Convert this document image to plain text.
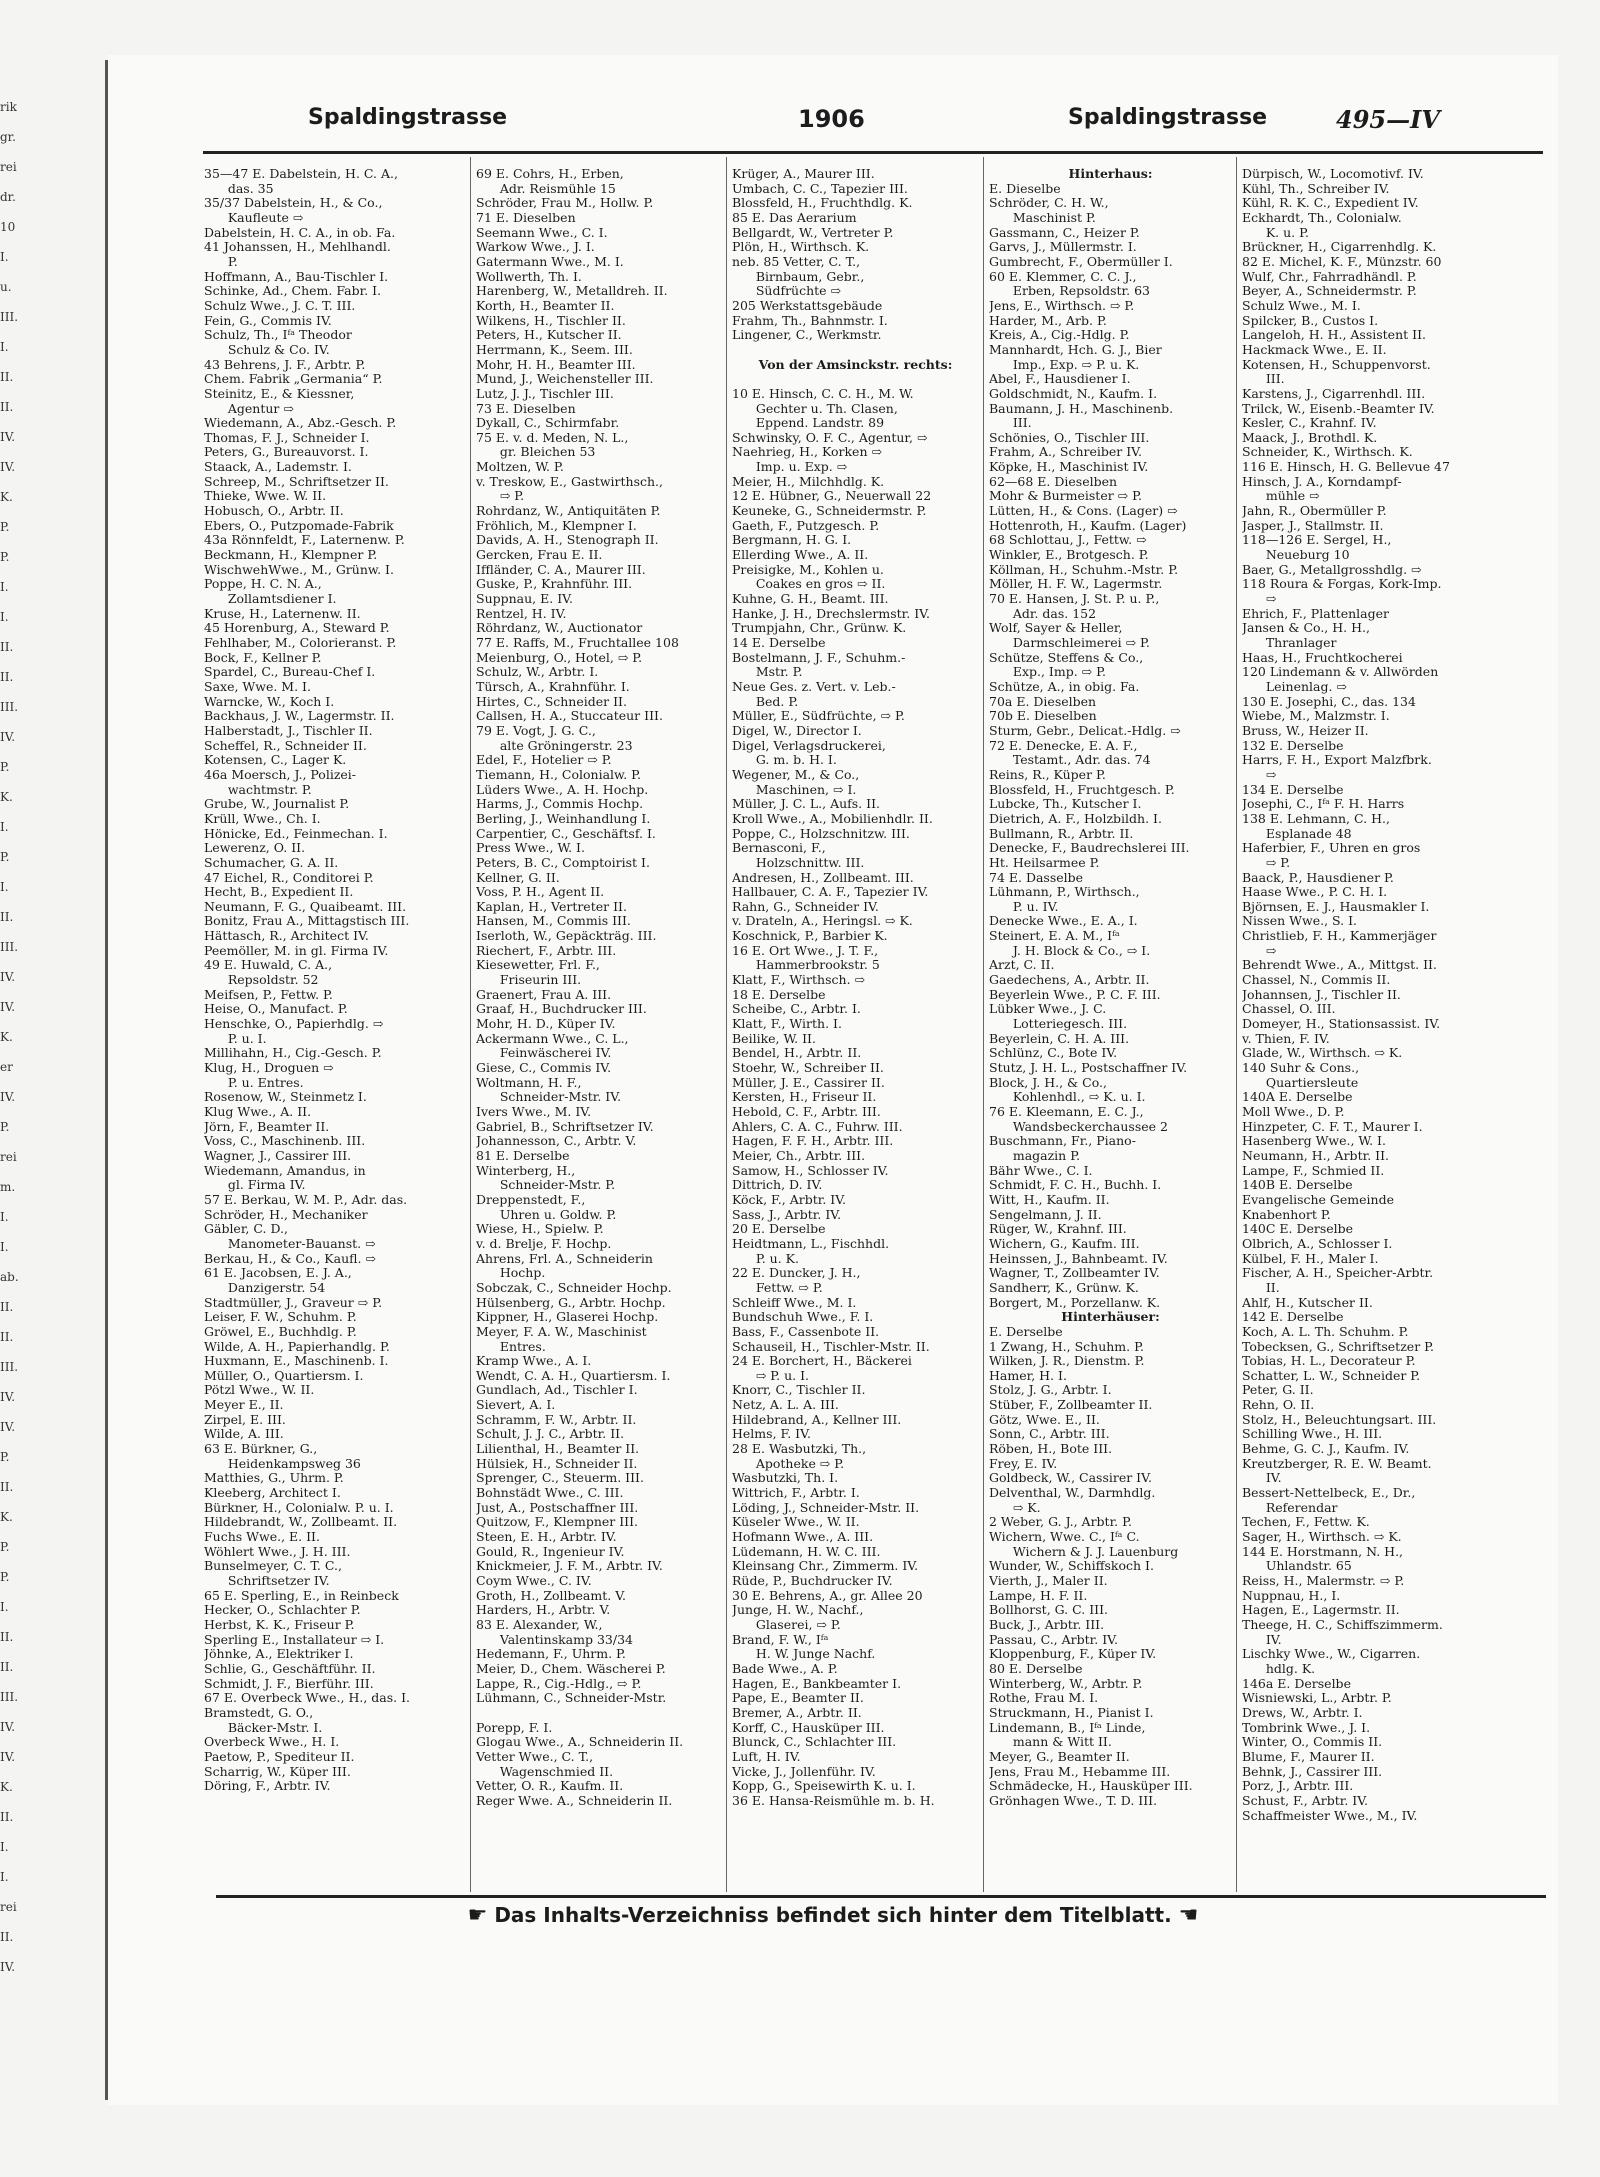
rik
gr.
rei
dr.
10
I.
u.
III.
I.
II.
II.
IV.
IV.
K.
P.
P.
I.
I.
II.
II.
III.
IV.
P.
K.
I.
P.
I.
II.
III.
IV.
IV.
K.
er
IV.
P.
rei
m.
I.
I.
ab.
II.
II.
III.
IV.
IV.
P.
II.
K.
P.
P.
I.
II.
II.
III.
IV.
IV.
K.
II.
I.
I.
rei
II.
IV.
Spaldingstrasse	1906	Spaldingstrasse	495—IV
35—47 E. Dabelstein, H. C. A.,
das. 35
35/37 Dabelstein, H., & Co.,
Kaufleute ⇨
Dabelstein, H. C. A., in ob. Fa.
41 Johanssen, H., Mehlhandl.
P.
Hoffmann, A., Bau-Tischler I.
Schinke, Ad., Chem. Fabr. I.
Schulz Wwe., J. C. T. III.
Fein, G., Commis IV.
Schulz, Th., Iᶠᵃ Theodor
Schulz & Co. IV.
43 Behrens, J. F., Arbtr. P.
Chem. Fabrik „Germania“ P.
Steinitz, E., & Kiessner,
Agentur ⇨
Wiedemann, A., Abz.-Gesch. P.
Thomas, F. J., Schneider I.
Peters, G., Bureauvorst. I.
Staack, A., Lademstr. I.
Schreep, M., Schriftsetzer II.
Thieke, Wwe. W. II.
Hobusch, O., Arbtr. II.
Ebers, O., Putzpomade-Fabrik
43a Rönnfeldt, F., Laternenw. P.
Beckmann, H., Klempner P.
WischwehWwe., M., Grünw. I.
Poppe, H. C. N. A.,
Zollamtsdiener I.
Kruse, H., Laternenw. II.
45 Horenburg, A., Steward P.
Fehlhaber, M., Colorieranst. P.
Bock, F., Kellner P.
Spardel, C., Bureau-Chef I.
Saxe, Wwe. M. I.
Warncke, W., Koch I.
Backhaus, J. W., Lagermstr. II.
Halberstadt, J., Tischler II.
Scheffel, R., Schneider II.
Kotensen, C., Lager K.
46a Moersch, J., Polizei-
wachtmstr. P.
Grube, W., Journalist P.
Krüll, Wwe., Ch. I.
Hönicke, Ed., Feinmechan. I.
Lewerenz, O. II.
Schumacher, G. A. II.
47 Eichel, R., Conditorei P.
Hecht, B., Expedient II.
Neumann, F. G., Quaibeamt. III.
Bonitz, Frau A., Mittagstisch III.
Hättasch, R., Architect IV.
Peemöller, M. in gl. Firma IV.
49 E. Huwald, C. A.,
Repsoldstr. 52
Meifsen, P., Fettw. P.
Heise, O., Manufact. P.
Henschke, O., Papierhdlg. ⇨
P. u. I.
Millihahn, H., Cig.-Gesch. P.
Klug, H., Droguen ⇨
P. u. Entres.
Rosenow, W., Steinmetz I.
Klug Wwe., A. II.
Jörn, F., Beamter II.
Voss, C., Maschinenb. III.
Wagner, J., Cassirer III.
Wiedemann, Amandus, in
gl. Firma IV.
57 E. Berkau, W. M. P., Adr. das.
Schröder, H., Mechaniker
Gäbler, C. D.,
Manometer-Bauanst. ⇨
Berkau, H., & Co., Kaufl. ⇨
61 E. Jacobsen, E. J. A.,
Danzigerstr. 54
Stadtmüller, J., Graveur ⇨ P.
Leiser, F. W., Schuhm. P.
Gröwel, E., Buchhdlg. P.
Wilde, A. H., Papierhandlg. P.
Huxmann, E., Maschinenb. I.
Müller, O., Quartiersm. I.
Pötzl Wwe., W. II.
Meyer E., II.
Zirpel, E. III.
Wilde, A. III.
63 E. Bürkner, G.,
Heidenkampsweg 36
Matthies, G., Uhrm. P.
Kleeberg, Architect I.
Bürkner, H., Colonialw. P. u. I.
Hildebrandt, W., Zollbeamt. II.
Fuchs Wwe., E. II.
Wöhlert Wwe., J. H. III.
Bunselmeyer, C. T. C.,
Schriftsetzer IV.
65 E. Sperling, E., in Reinbeck
Hecker, O., Schlachter P.
Herbst, K. K., Friseur P.
Sperling E., Installateur ⇨ I.
Jöhnke, A., Elektriker I.
Schlie, G., Geschäftführ. II.
Schmidt, J. F., Bierführ. III.
67 E. Overbeck Wwe., H., das. I.
Bramstedt, G. O.,
Bäcker-Mstr. I.
Overbeck Wwe., H. I.
Paetow, P., Spediteur II.
Scharrig, W., Küper III.
Döring, F., Arbtr. IV.
69 E. Cohrs, H., Erben,
Adr. Reismühle 15
Schröder, Frau M., Hollw. P.
71 E. Dieselben
Seemann Wwe., C. I.
Warkow Wwe., J. I.
Gatermann Wwe., M. I.
Wollwerth, Th. I.
Harenberg, W., Metalldreh. II.
Korth, H., Beamter II.
Wilkens, H., Tischler II.
Peters, H., Kutscher II.
Herrmann, K., Seem. III.
Mohr, H. H., Beamter III.
Mund, J., Weichensteller III.
Lutz, J. J., Tischler III.
73 E. Dieselben
Dykall, C., Schirmfabr.
75 E. v. d. Meden, N. L.,
gr. Bleichen 53
Moltzen, W. P.
v. Treskow, E., Gastwirthsch.,
⇨ P.
Rohrdanz, W., Antiquitäten P.
Fröhlich, M., Klempner I.
Davids, A. H., Stenograph II.
Gercken, Frau E. II.
Iffländer, C. A., Maurer III.
Guske, P., Krahnführ. III.
Suppnau, E. IV.
Rentzel, H. IV.
Röhrdanz, W., Auctionator
77 E. Raffs, M., Fruchtallee 108
Meienburg, O., Hotel, ⇨ P.
Schulz, W., Arbtr. I.
Türsch, A., Krahnführ. I.
Hirtes, C., Schneider II.
Callsen, H. A., Stuccateur III.
79 E. Vogt, J. G. C.,
alte Gröningerstr. 23
Edel, F., Hotelier ⇨ P.
Tiemann, H., Colonialw. P.
Lüders Wwe., A. H. Hochp.
Harms, J., Commis Hochp.
Berling, J., Weinhandlung I.
Carpentier, C., Geschäftsf. I.
Press Wwe., W. I.
Peters, B. C., Comptoirist I.
Kellner, G. II.
Voss, P. H., Agent II.
Kaplan, H., Vertreter II.
Hansen, M., Commis III.
Iserloth, W., Gepäckträg. III.
Riechert, F., Arbtr. III.
Kiesewetter, Frl. F.,
Friseurin III.
Graenert, Frau A. III.
Graaf, H., Buchdrucker III.
Mohr, H. D., Küper IV.
Ackermann Wwe., C. L.,
Feinwäscherei IV.
Giese, C., Commis IV.
Woltmann, H. F.,
Schneider-Mstr. IV.
Ivers Wwe., M. IV.
Gabriel, B., Schriftsetzer IV.
Johannesson, C., Arbtr. V.
81 E. Derselbe
Winterberg, H.,
Schneider-Mstr. P.
Dreppenstedt, F.,
Uhren u. Goldw. P.
Wiese, H., Spielw. P.
v. d. Brelje, F. Hochp.
Ahrens, Frl. A., Schneiderin
Hochp.
Sobczak, C., Schneider Hochp.
Hülsenberg, G., Arbtr. Hochp.
Kippner, H., Glaserei Hochp.
Meyer, F. A. W., Maschinist
Entres.
Kramp Wwe., A. I.
Wendt, C. A. H., Quartiersm. I.
Gundlach, Ad., Tischler I.
Sievert, A. I.
Schramm, F. W., Arbtr. II.
Schult, J. J. C., Arbtr. II.
Lilienthal, H., Beamter II.
Hülsiek, H., Schneider II.
Sprenger, C., Steuerm. III.
Bohnstädt Wwe., C. III.
Just, A., Postschaffner III.
Quitzow, F., Klempner III.
Steen, E. H., Arbtr. IV.
Gould, R., Ingenieur IV.
Knickmeier, J. F. M., Arbtr. IV.
Coym Wwe., C. IV.
Groth, H., Zollbeamt. V.
Harders, H., Arbtr. V.
83 E. Alexander, W.,
Valentinskamp 33/34
Hedemann, F., Uhrm. P.
Meier, D., Chem. Wäscherei P.
Lappe, R., Cig.-Hdlg., ⇨ P.
Lühmann, C., Schneider-Mstr.

Porepp, F. I.
Glogau Wwe., A., Schneiderin II.
Vetter Wwe., C. T.,
Wagenschmied II.
Vetter, O. R., Kaufm. II.
Reger Wwe. A., Schneiderin II.
Krüger, A., Maurer III.
Umbach, C. C., Tapezier III.
Blossfeld, H., Fruchthdlg. K.
85 E. Das Aerarium
Bellgardt, W., Vertreter P.
Plön, H., Wirthsch. K.
neb. 85 Vetter, C. T.,
Birnbaum, Gebr.,
Südfrüchte ⇨
205 Werkstattsgebäude
Frahm, Th., Bahnmstr. I.
Lingener, C., Werkmstr.

Von der Amsinckstr. rechts:

10 E. Hinsch, C. C. H., M. W.
Gechter u. Th. Clasen,
Eppend. Landstr. 89
Schwinsky, O. F. C., Agentur, ⇨
Naehrieg, H., Korken ⇨
Imp. u. Exp. ⇨
Meier, H., Milchhdlg. K.
12 E. Hübner, G., Neuerwall 22
Keuneke, G., Schneidermstr. P.
Gaeth, F., Putzgesch. P.
Bergmann, H. G. I.
Ellerding Wwe., A. II.
Preisigke, M., Kohlen u.
Coakes en gros ⇨ II.
Kuhne, G. H., Beamt. III.
Hanke, J. H., Drechslermstr. IV.
Trumpjahn, Chr., Grünw. K.
14 E. Derselbe
Bostelmann, J. F., Schuhm.-
Mstr. P.
Neue Ges. z. Vert. v. Leb.-
Bed. P.
Müller, E., Südfrüchte, ⇨ P.
Digel, W., Director I.
Digel, Verlagsdruckerei,
G. m. b. H. I.
Wegener, M., & Co.,
Maschinen, ⇨ I.
Müller, J. C. L., Aufs. II.
Kroll Wwe., A., Mobilienhdlr. II.
Poppe, C., Holzschnitzw. III.
Bernasconi, F.,
Holzschnittw. III.
Andresen, H., Zollbeamt. III.
Hallbauer, C. A. F., Tapezier IV.
Rahn, G., Schneider IV.
v. Drateln, A., Heringsl. ⇨ K.
Koschnick, P., Barbier K.
16 E. Ort Wwe., J. T. F.,
Hammerbrookstr. 5
Klatt, F., Wirthsch. ⇨
18 E. Derselbe
Scheibe, C., Arbtr. I.
Klatt, F., Wirth. I.
Beilike, W. II.
Bendel, H., Arbtr. II.
Stoehr, W., Schreiber II.
Müller, J. E., Cassirer II.
Kersten, H., Friseur II.
Hebold, C. F., Arbtr. III.
Ahlers, C. A. C., Fuhrw. III.
Hagen, F. F. H., Arbtr. III.
Meier, Ch., Arbtr. III.
Samow, H., Schlosser IV.
Dittrich, D. IV.
Köck, F., Arbtr. IV.
Sass, J., Arbtr. IV.
20 E. Derselbe
Heidtmann, L., Fischhdl.
P. u. K.
22 E. Duncker, J. H.,
Fettw. ⇨ P.
Schleiff Wwe., M. I.
Bundschuh Wwe., F. I.
Bass, F., Cassenbote II.
Schauseil, H., Tischler-Mstr. II.
24 E. Borchert, H., Bäckerei
⇨ P. u. I.
Knorr, C., Tischler II.
Netz, A. L. A. III.
Hildebrand, A., Kellner III.
Helms, F. IV.
28 E. Wasbutzki, Th.,
Apotheke ⇨ P.
Wasbutzki, Th. I.
Wittrich, F., Arbtr. I.
Löding, J., Schneider-Mstr. II.
Küseler Wwe., W. II.
Hofmann Wwe., A. III.
Lüdemann, H. W. C. III.
Kleinsang Chr., Zimmerm. IV.
Rüde, P., Buchdrucker IV.
30 E. Behrens, A., gr. Allee 20
Junge, H. W., Nachf.,
Glaserei, ⇨ P.
Brand, F. W., Iᶠᵃ
H. W. Junge Nachf.
Bade Wwe., A. P.
Hagen, E., Bankbeamter I.
Pape, E., Beamter II.
Bremer, A., Arbtr. II.
Korff, C., Hausküper III.
Blunck, C., Schlachter III.
Luft, H. IV.
Vicke, J., Jollenführ. IV.
Kopp, G., Speisewirth K. u. I.
36 E. Hansa-Reismühle m. b. H.
Hinterhaus:
E. Dieselbe
Schröder, C. H. W.,
Maschinist P.
Gassmann, C., Heizer P.
Garvs, J., Müllermstr. I.
Gumbrecht, F., Obermüller I.
60 E. Klemmer, C. C. J.,
Erben, Repsoldstr. 63
Jens, E., Wirthsch. ⇨ P.
Harder, M., Arb. P.
Kreis, A., Cig.-Hdlg. P.
Mannhardt, Hch. G. J., Bier
Imp., Exp. ⇨ P. u. K.
Abel, F., Hausdiener I.
Goldschmidt, N., Kaufm. I.
Baumann, J. H., Maschinenb.
III.
Schönies, O., Tischler III.
Frahm, A., Schreiber IV.
Köpke, H., Maschinist IV.
62—68 E. Dieselben
Mohr & Burmeister ⇨ P.
Lütten, H., & Cons. (Lager) ⇨
Hottenroth, H., Kaufm. (Lager)
68 Schlottau, J., Fettw. ⇨
Winkler, E., Brotgesch. P.
Köllman, H., Schuhm.-Mstr. P.
Möller, H. F. W., Lagermstr.
70 E. Hansen, J. St. P. u. P.,
Adr. das. 152
Wolf, Sayer & Heller,
Darmschleimerei ⇨ P.
Schütze, Steffens & Co.,
Exp., Imp. ⇨ P.
Schütze, A., in obig. Fa.
70a E. Dieselben
70b E. Dieselben
Sturm, Gebr., Delicat.-Hdlg. ⇨
72 E. Denecke, E. A. F.,
Testamt., Adr. das. 74
Reins, R., Küper P.
Blossfeld, H., Fruchtgesch. P.
Lubcke, Th., Kutscher I.
Dietrich, A. F., Holzbildh. I.
Bullmann, R., Arbtr. II.
Denecke, F., Baudrechslerei III.
Ht. Heilsarmee P.
74 E. Dasselbe
Lühmann, P., Wirthsch.,
P. u. IV.
Denecke Wwe., E. A., I.
Steinert, E. A. M., Iᶠᵃ
J. H. Block & Co., ⇨ I.
Arzt, C. II.
Gaedechens, A., Arbtr. II.
Beyerlein Wwe., P. C. F. III.
Lübker Wwe., J. C.
Lotteriegesch. III.
Beyerlein, C. H. A. III.
Schlünz, C., Bote IV.
Stutz, J. H. L., Postschaffner IV.
Block, J. H., & Co.,
Kohlenhdl., ⇨ K. u. I.
76 E. Kleemann, E. C. J.,
Wandsbeckerchaussee 2
Buschmann, Fr., Piano-
magazin P.
Bähr Wwe., C. I.
Schmidt, F. C. H., Buchh. I.
Witt, H., Kaufm. II.
Sengelmann, J. II.
Rüger, W., Krahnf. III.
Wichern, G., Kaufm. III.
Heinssen, J., Bahnbeamt. IV.
Wagner, T., Zollbeamter IV.
Sandherr, K., Grünw. K.
Borgert, M., Porzellanw. K.
Hinterhäuser:
E. Derselbe
1 Zwang, H., Schuhm. P.
Wilken, J. R., Dienstm. P.
Hamer, H. I.
Stolz, J. G., Arbtr. I.
Stüber, F., Zollbeamter II.
Götz, Wwe. E., II.
Sonn, C., Arbtr. III.
Röben, H., Bote III.
Frey, E. IV.
Goldbeck, W., Cassirer IV.
Delventhal, W., Darmhdlg.
⇨ K.
2 Weber, G. J., Arbtr. P.
Wichern, Wwe. C., Iᶠᵃ C.
Wichern & J. J. Lauenburg
Wunder, W., Schiffskoch I.
Vierth, J., Maler II.
Lampe, H. F. II.
Bollhorst, G. C. III.
Buck, J., Arbtr. III.
Passau, C., Arbtr. IV.
Kloppenburg, F., Küper IV.
80 E. Derselbe
Winterberg, W., Arbtr. P.
Rothe, Frau M. I.
Struckmann, H., Pianist I.
Lindemann, B., Iᶠᵃ Linde,
mann & Witt II.
Meyer, G., Beamter II.
Jens, Frau M., Hebamme III.
Schmädecke, H., Hausküper III.
Grönhagen Wwe., T. D. III.
Dürpisch, W., Locomotivf. IV.
Kühl, Th., Schreiber IV.
Kühl, R. K. C., Expedient IV.
Eckhardt, Th., Colonialw.
K. u. P.
Brückner, H., Cigarrenhdlg. K.
82 E. Michel, K. F., Münzstr. 60
Wulf, Chr., Fahrradhändl. P.
Beyer, A., Schneidermstr. P.
Schulz Wwe., M. I.
Spilcker, B., Custos I.
Langeloh, H. H., Assistent II.
Hackmack Wwe., E. II.
Kotensen, H., Schuppenvorst.
III.
Karstens, J., Cigarrenhdl. III.
Trilck, W., Eisenb.-Beamter IV.
Kesler, C., Krahnf. IV.
Maack, J., Brothdl. K.
Schneider, K., Wirthsch. K.
116 E. Hinsch, H. G. Bellevue 47
Hinsch, J. A., Korndampf-
mühle ⇨
Jahn, R., Obermüller P.
Jasper, J., Stallmstr. II.
118—126 E. Sergel, H.,
Neueburg 10
Baer, G., Metallgrosshdlg. ⇨
118 Roura & Forgas, Kork-Imp.
⇨
Ehrich, F., Plattenlager
Jansen & Co., H. H.,
Thranlager
Haas, H., Fruchtkocherei
120 Lindemann & v. Allwörden
Leinenlag. ⇨
130 E. Josephi, C., das. 134
Wiebe, M., Malzmstr. I.
Bruss, W., Heizer II.
132 E. Derselbe
Harrs, F. H., Export Malzfbrk.
⇨
134 E. Derselbe
Josephi, C., Iᶠᵃ F. H. Harrs
138 E. Lehmann, C. H.,
Esplanade 48
Haferbier, F., Uhren en gros
⇨ P.
Baack, P., Hausdiener P.
Haase Wwe., P. C. H. I.
Björnsen, E. J., Hausmakler I.
Nissen Wwe., S. I.
Christlieb, F. H., Kammerjäger
⇨
Behrendt Wwe., A., Mittgst. II.
Chassel, N., Commis II.
Johannsen, J., Tischler II.
Chassel, O. III.
Domeyer, H., Stationsassist. IV.
v. Thien, F. IV.
Glade, W., Wirthsch. ⇨ K.
140 Suhr & Cons.,
Quartiersleute
140A E. Derselbe
Moll Wwe., D. P.
Hinzpeter, C. F. T., Maurer I.
Hasenberg Wwe., W. I.
Neumann, H., Arbtr. II.
Lampe, F., Schmied II.
140B E. Derselbe
Evangelische Gemeinde
Knabenhort P.
140C E. Derselbe
Olbrich, A., Schlosser I.
Külbel, F. H., Maler I.
Fischer, A. H., Speicher-Arbtr.
II.
Ahlf, H., Kutscher II.
142 E. Derselbe
Koch, A. L. Th. Schuhm. P.
Tobecksen, G., Schriftsetzer P.
Tobias, H. L., Decorateur P.
Schatter, L. W., Schneider P.
Peter, G. II.
Rehn, O. II.
Stolz, H., Beleuchtungsart. III.
Schilling Wwe., H. III.
Behme, G. C. J., Kaufm. IV.
Kreutzberger, R. E. W. Beamt.
IV.
Bessert-Nettelbeck, E., Dr.,
Referendar
Techen, F., Fettw. K.
Sager, H., Wirthsch. ⇨ K.
144 E. Horstmann, N. H.,
Uhlandstr. 65
Reiss, H., Malermstr. ⇨ P.
Nuppnau, H., I.
Hagen, E., Lagermstr. II.
Theege, H. C., Schiffszimmerm.
IV.
Lischky Wwe., W., Cigarren.
hdlg. K.
146a E. Derselbe
Wisniewski, L., Arbtr. P.
Drews, W., Arbtr. I.
Tombrink Wwe., J. I.
Winter, O., Commis II.
Blume, F., Maurer II.
Behnk, J., Cassirer III.
Porz, J., Arbtr. III.
Schust, F., Arbtr. IV.
Schaffmeister Wwe., M., IV.
☛ Das Inhalts-Verzeichniss befindet sich hinter dem Titelblatt. ☚
